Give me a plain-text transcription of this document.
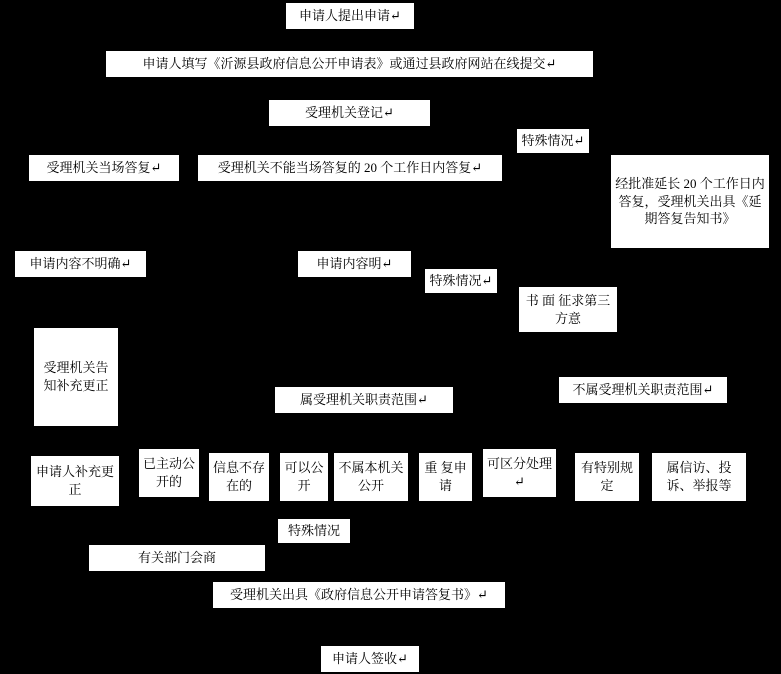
申请人提出申请↵
申请人填写《沂源县政府信息公开申请表》或通过县政府网站在线提交↵
受理机关登记↵
特殊情况↵
受理机关当场答复↵	受理机关不能当场答复的 20 个工作日内答复↵
经批准延长 20 个工作日内答复，受理机关出具《延期答复告知书》
申请内容不明确↵	申请内容明↵
特殊情况↵
书 面 征求第三方意
受理机关告知补充更正
属受理机关职责范围↵
不属受理机关职责范围↵
申请人补充更正
已主动公开的
信息不存在的
可以公开
不属本机关公开
重 复申请
可区分处理↵
有特别规定
属信访、投诉、举报等
特殊情况
有关部门会商
受理机关出具《政府信息公开申请答复书》↵
申请人签收↵
